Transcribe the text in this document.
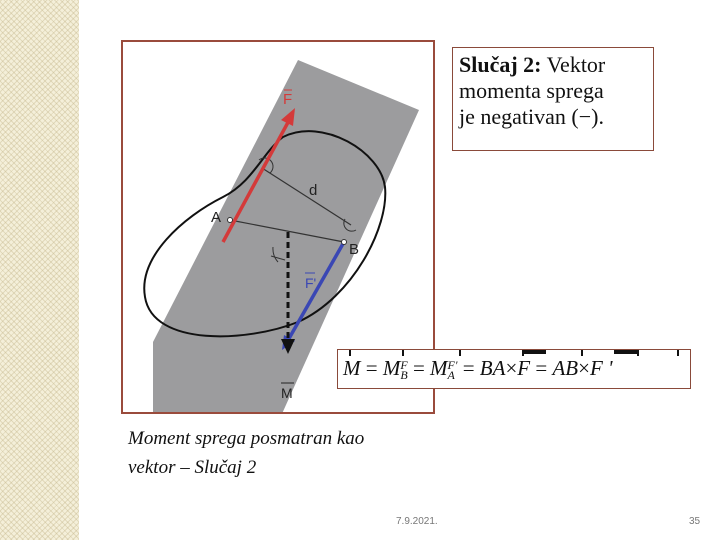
F
d
A
B
F'
M
Slučaj 2: Vektor
momenta sprega
je negativan (−).
M = M F
B = M F'
A = BA×F = AB×F '
Moment sprega posmatran kao
vektor – Slučaj 2
7.9.2021.	35
